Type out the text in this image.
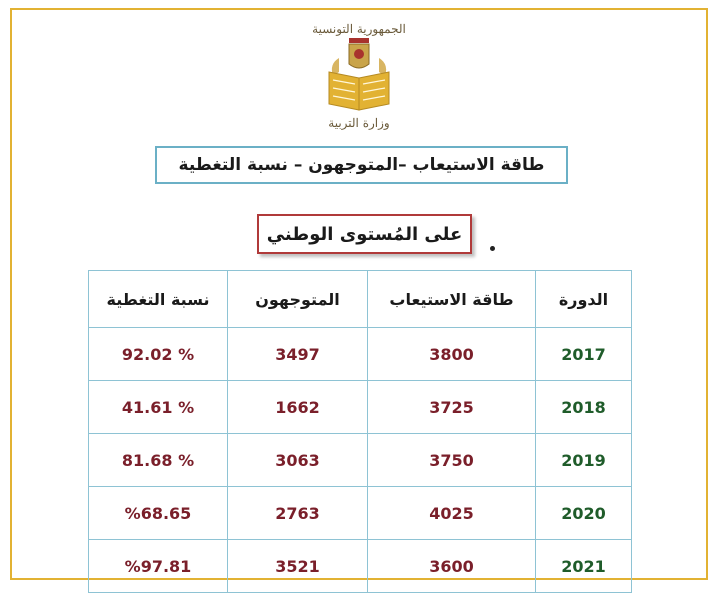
الجمهورية التونسية
وزارة التربية
طاقة الاستيعاب –المتوجهون – نسبة التغطية
على المُستوى الوطني
الدورة	طاقة الاستيعاب	المتوجهون	نسبة التغطية
2017	3800	3497	% 92.02
2018	3725	1662	% 41.61
2019	3750	3063	% 81.68
2020	4025	2763	%68.65
2021	3600	3521	%97.81
